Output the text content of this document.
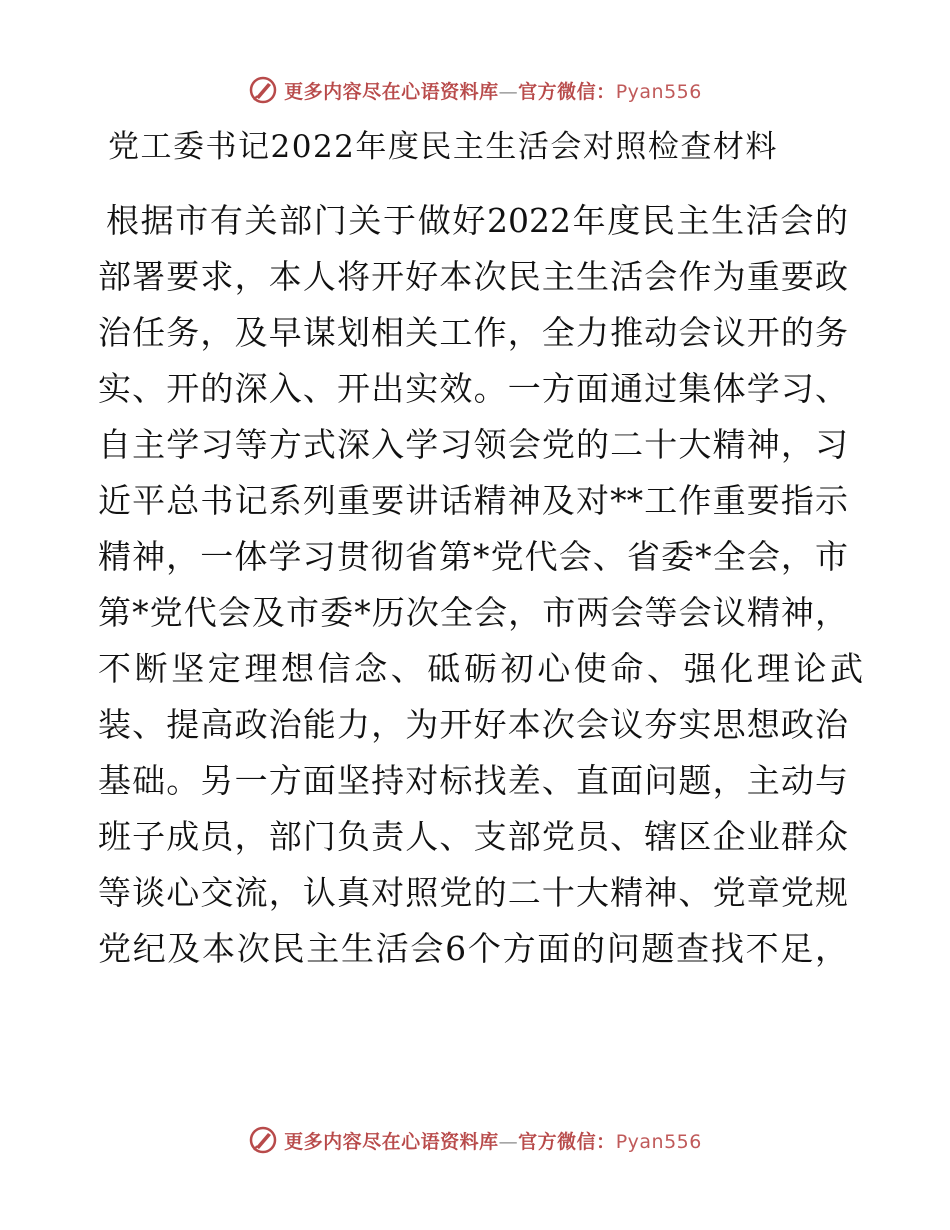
更多内容尽在心语资料库—官方微信：Pyan556
党工委书记2022年度民主生活会对照检查材料
根据市有关部门关于做好2022年度民主生活会的
部署要求，本人将开好本次民主生活会作为重要政
治任务，及早谋划相关工作，全力推动会议开的务
实、开的深入、开出实效。一方面通过集体学习、
自主学习等方式深入学习领会党的二十大精神，习
近平总书记系列重要讲话精神及对**工作重要指示
精神，一体学习贯彻省第*党代会、省委*全会，市
第*党代会及市委*历次全会，市两会等会议精神，
不断坚定理想信念、砥砺初心使命、强化理论武
装、提高政治能力，为开好本次会议夯实思想政治
基础。另一方面坚持对标找差、直面问题，主动与
班子成员，部门负责人、支部党员、辖区企业群众
等谈心交流，认真对照党的二十大精神、党章党规
党纪及本次民主生活会6个方面的问题查找不足，
更多内容尽在心语资料库—官方微信：Pyan556
